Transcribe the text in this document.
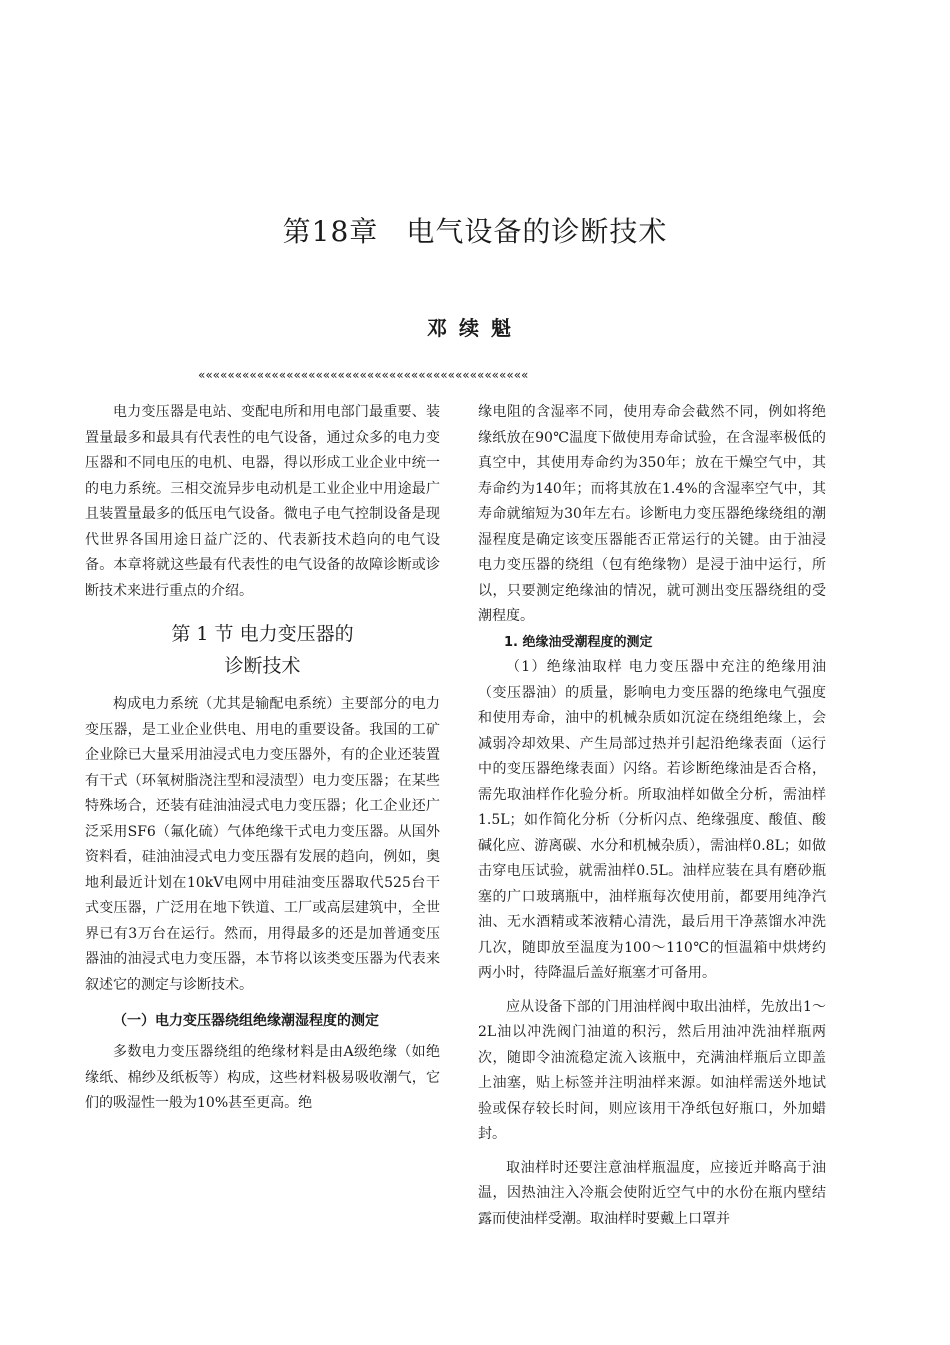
第18章 电气设备的诊断技术
邓续魁
«««««««««««««««««««««««««««««««««««««««««««««

电力变压器是电站、变配电所和用电部门最重要、装置量最多和最具有代表性的电气设备，通过众多的电力变压器和不同电压的电机、电器，得以形成工业企业中统一的电力系统。三相交流异步电动机是工业企业中用途最广且装置量最多的低压电气设备。微电子电气控制设备是现代世界各国用途日益广泛的、代表新技术趋向的电气设备。本章将就这些最有代表性的电气设备的故障诊断或诊断技术来进行重点的介绍。

第 1 节 电力变压器的
诊断技术

构成电力系统（尤其是输配电系统）主要部分的电力变压器，是工业企业供电、用电的重要设备。我国的工矿企业除已大量采用油浸式电力变压器外，有的企业还装置有干式（环氧树脂浇注型和浸渍型）电力变压器；在某些特殊场合，还装有硅油油浸式电力变压器；化工企业还广泛采用SF6（氟化硫）气体绝缘干式电力变压器。从国外资料看，硅油油浸式电力变压器有发展的趋向，例如，奥地利最近计划在10kV电网中用硅油变压器取代525台干式变压器，广泛用在地下铁道、工厂或高层建筑中，全世界已有3万台在运行。然而，用得最多的还是加普通变压器油的油浸式电力变压器，本节将以该类变压器为代表来叙述它的测定与诊断技术。

（一）电力变压器绕组绝缘潮湿程度的测定

多数电力变压器绕组的绝缘材料是由A级绝缘（如绝缘纸、棉纱及纸板等）构成，这些材料极易吸收潮气，它们的吸湿性一般为10%甚至更高。绝

缘电阻的含湿率不同，使用寿命会截然不同，例如将绝缘纸放在90℃温度下做使用寿命试验，在含湿率极低的真空中，其使用寿命约为350年；放在干燥空气中，其寿命约为140年；而将其放在1.4%的含湿率空气中，其寿命就缩短为30年左右。诊断电力变压器绝缘绕组的潮湿程度是确定该变压器能否正常运行的关键。由于油浸电力变压器的绕组（包有绝缘物）是浸于油中运行，所以，只要测定绝缘油的情况，就可测出变压器绕组的受潮程度。

1. 绝缘油受潮程度的测定

（1）绝缘油取样 电力变压器中充注的绝缘用油（变压器油）的质量，影响电力变压器的绝缘电气强度和使用寿命，油中的机械杂质如沉淀在绕组绝缘上，会减弱冷却效果、产生局部过热并引起沿绝缘表面（运行中的变压器绝缘表面）闪络。若诊断绝缘油是否合格，需先取油样作化验分析。所取油样如做全分析，需油样1.5L；如作简化分析（分析闪点、绝缘强度、酸值、酸碱化应、游离碳、水分和机械杂质），需油样0.8L；如做击穿电压试验，就需油样0.5L。油样应装在具有磨砂瓶塞的广口玻璃瓶中，油样瓶每次使用前，都要用纯净汽油、无水酒精或苯液精心清洗，最后用干净蒸馏水冲洗几次，随即放至温度为100～110℃的恒温箱中烘烤约两小时，待降温后盖好瓶塞才可备用。

应从设备下部的门用油样阀中取出油样，先放出1～2L油以冲洗阀门油道的积污，然后用油冲洗油样瓶两次，随即令油流稳定流入该瓶中，充满油样瓶后立即盖上油塞，贴上标签并注明油样来源。如油样需送外地试验或保存较长时间，则应该用干净纸包好瓶口，外加蜡封。

取油样时还要注意油样瓶温度，应接近并略高于油温，因热油注入冷瓶会使附近空气中的水份在瓶内壁结露而使油样受潮。取油样时要戴上口罩并
